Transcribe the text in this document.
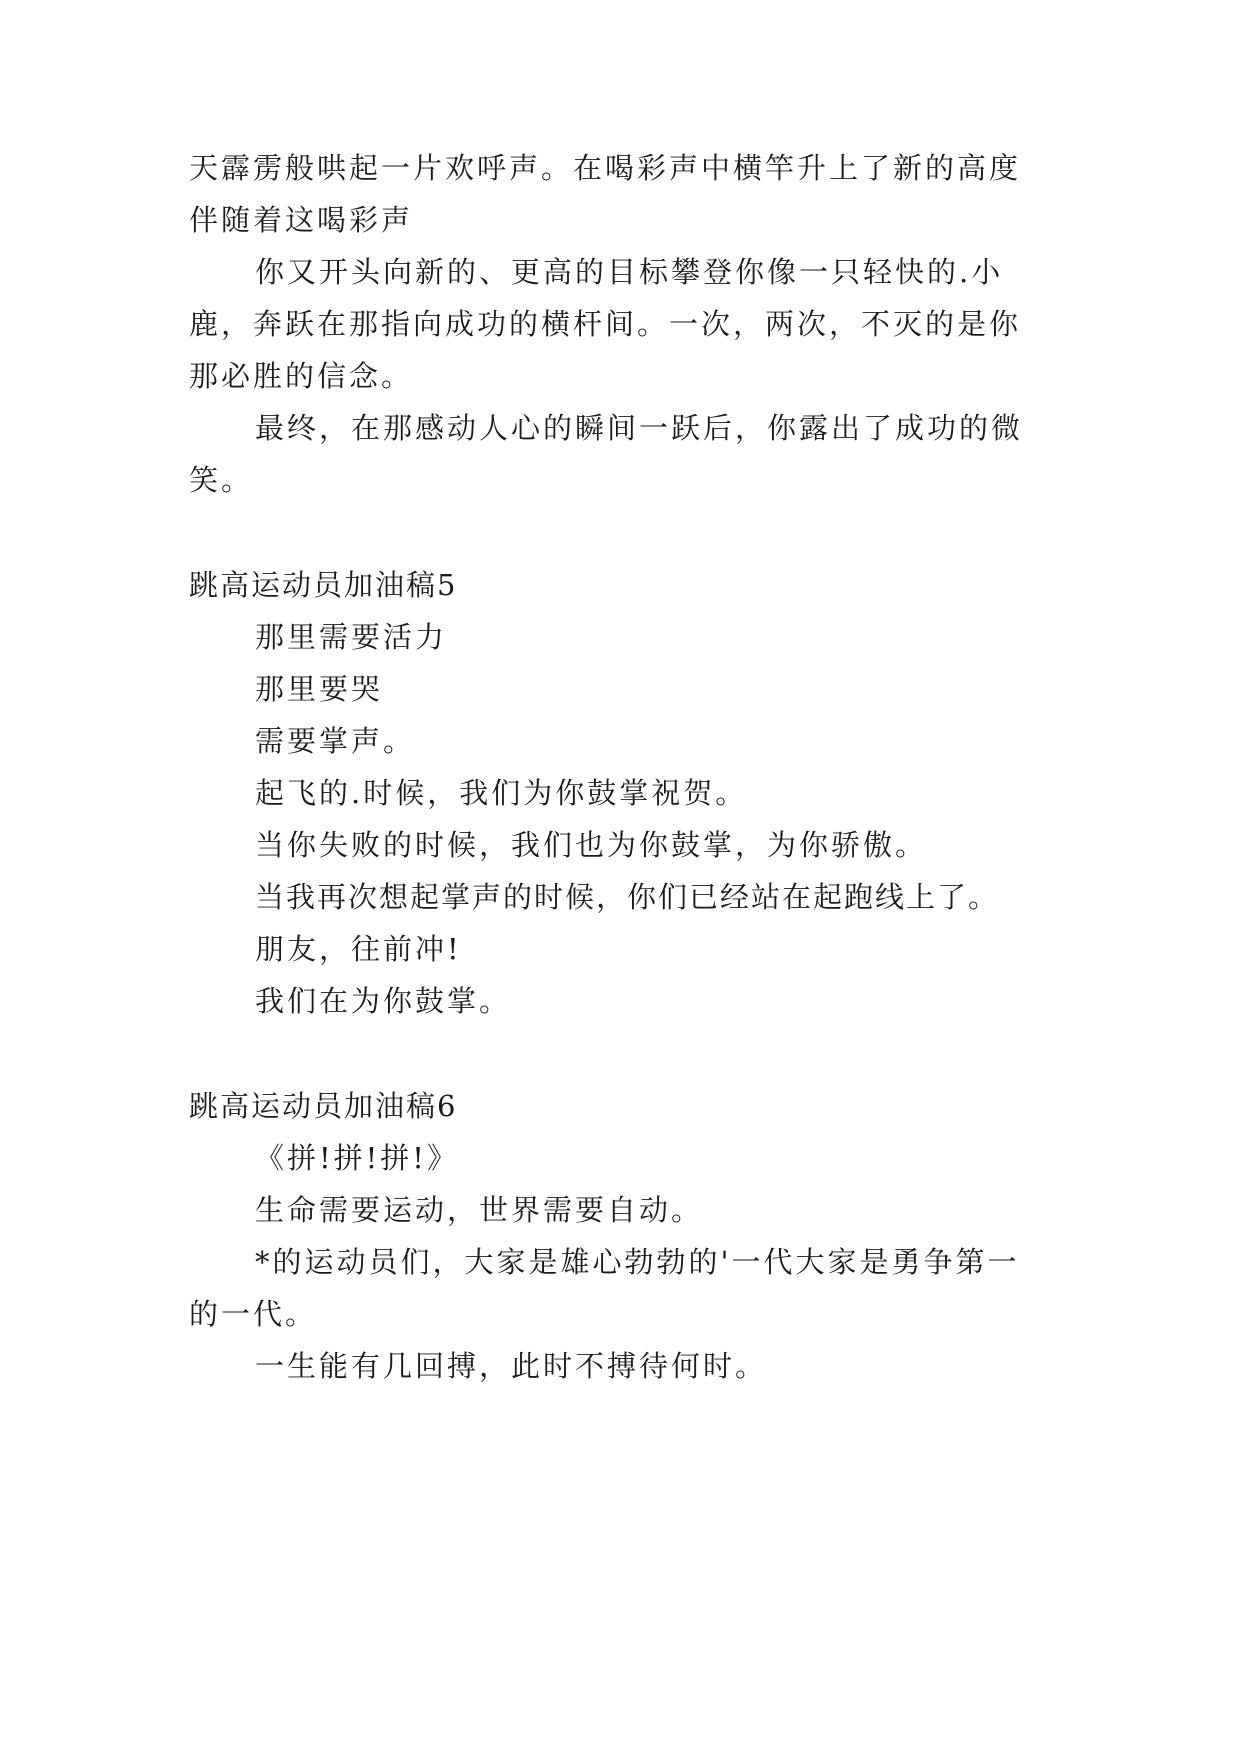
天霹雳般哄起一片欢呼声。在喝彩声中横竿升上了新的高度
伴随着这喝彩声
你又开头向新的、更高的目标攀登你像一只轻快的.小
鹿，奔跃在那指向成功的横杆间。一次，两次，不灭的是你
那必胜的信念。
最终，在那感动人心的瞬间一跃后，你露出了成功的微
笑。
跳高运动员加油稿5
那里需要活力
那里要哭
需要掌声。
起飞的.时候，我们为你鼓掌祝贺。
当你失败的时候，我们也为你鼓掌，为你骄傲。
当我再次想起掌声的时候，你们已经站在起跑线上了。
朋友，往前冲!
我们在为你鼓掌。
跳高运动员加油稿6
《拼!拼!拼!》
生命需要运动，世界需要自动。
*的运动员们，大家是雄心勃勃的'一代大家是勇争第一
的一代。
一生能有几回搏，此时不搏待何时。
